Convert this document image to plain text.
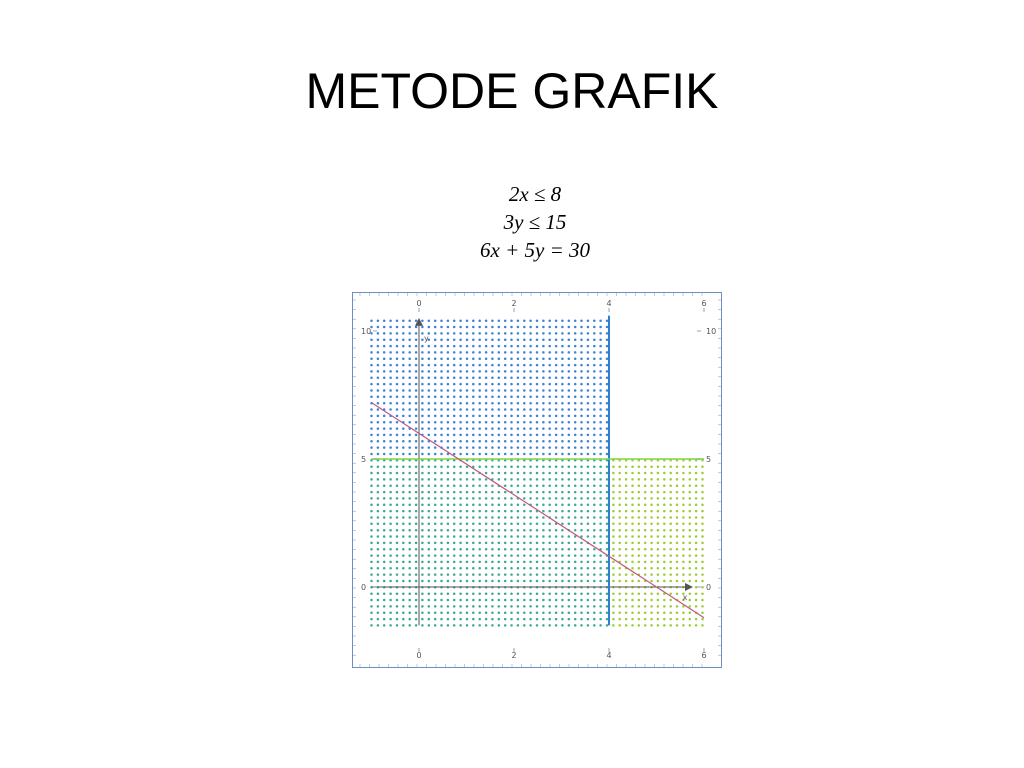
METODE GRAFIK
2x ≤ 8
3y ≤ 15
6x + 5y = 30
x
y
0
0
2
2
4
4
6
6
0	0
5	5
10	10
